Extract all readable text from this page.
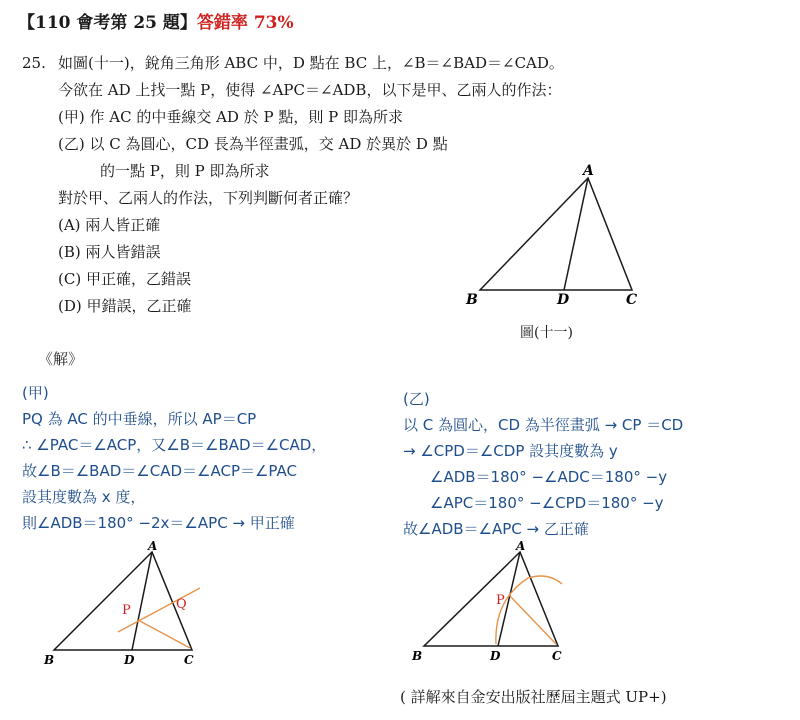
【110 會考第 25 題】答錯率 73%
25. 如圖(十一)，銳角三角形 ABC 中，D 點在 BC 上，∠B＝∠BAD＝∠CAD。
今欲在 AD 上找一點 P，使得 ∠APC＝∠ADB，以下是甲、乙兩人的作法：
(甲) 作 AC 的中垂線交 AD 於 P 點，則 P 即為所求
(乙) 以 C 為圓心，CD 長為半徑畫弧，交 AD 於異於 D 點
的一點 P，則 P 即為所求
對於甲、乙兩人的作法，下列判斷何者正確？
(A) 兩人皆正確
(B) 兩人皆錯誤
(C) 甲正確，乙錯誤
(D) 甲錯誤，乙正確
A
B	D	C
圖(十一)
《解》
(甲)
PQ 為 AC 的中垂線，所以 AP＝CP
∴ ∠PAC＝∠ACP，又∠B＝∠BAD＝∠CAD，
故∠B＝∠BAD＝∠CAD＝∠ACP＝∠PAC
設其度數為 x 度，
則∠ADB＝180° −2x＝∠APC → 甲正確
(乙)
以 C 為圓心，CD 為半徑畫弧 → CP ＝CD
→ ∠CPD＝∠CDP 設其度數為 y
∠ADB＝180° −∠ADC＝180° −y
∠APC＝180° −∠CPD＝180° −y
故∠ADB＝∠APC → 乙正確
A
B	D	C
P	Q
A
B	D	C
P
( 詳解來自金安出版社歷屆主題式 UP+)
